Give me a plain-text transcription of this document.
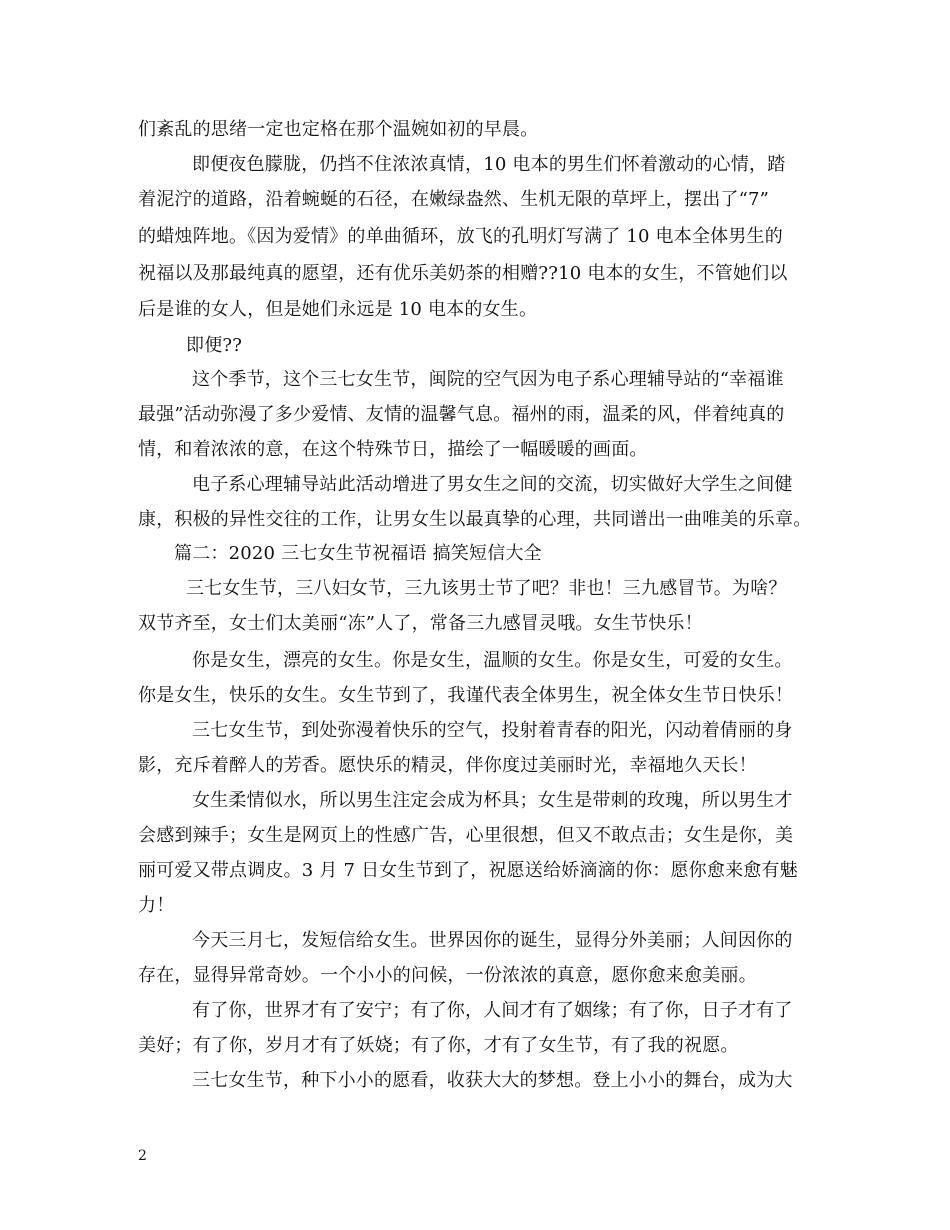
们紊乱的思绪一定也定格在那个温婉如初的早晨。
即便夜色朦胧，仍挡不住浓浓真情，10 电本的男生们怀着激动的心情，踏
着泥泞的道路，沿着蜿蜒的石径，在嫩绿盎然、生机无限的草坪上，摆出了“7”
的蜡烛阵地。《因为爱情》的单曲循环，放飞的孔明灯写满了 10 电本全体男生的
祝福以及那最纯真的愿望，还有优乐美奶茶的相赠??10 电本的女生，不管她们以
后是谁的女人，但是她们永远是 10 电本的女生。
即便??
这个季节，这个三七女生节，闽院的空气因为电子系心理辅导站的“幸福谁
最强”活动弥漫了多少爱情、友情的温馨气息。福州的雨，温柔的风，伴着纯真的
情，和着浓浓的意，在这个特殊节日，描绘了一幅暖暖的画面。
电子系心理辅导站此活动增进了男女生之间的交流，切实做好大学生之间健
康，积极的异性交往的工作，让男女生以最真挚的心理，共同谱出一曲唯美的乐章。
篇二：2020 三七女生节祝福语 搞笑短信大全
三七女生节，三八妇女节，三九该男士节了吧？非也！三九感冒节。为啥？
双节齐至，女士们太美丽“冻”人了，常备三九感冒灵哦。女生节快乐！
你是女生，漂亮的女生。你是女生，温顺的女生。你是女生，可爱的女生。
你是女生，快乐的女生。女生节到了，我谨代表全体男生，祝全体女生节日快乐！
三七女生节，到处弥漫着快乐的空气，投射着青春的阳光，闪动着倩丽的身
影，充斥着醉人的芳香。愿快乐的精灵，伴你度过美丽时光，幸福地久天长！
女生柔情似水，所以男生注定会成为杯具；女生是带刺的玫瑰，所以男生才
会感到辣手；女生是网页上的性感广告，心里很想，但又不敢点击；女生是你，美
丽可爱又带点调皮。3 月 7 日女生节到了，祝愿送给娇滴滴的你：愿你愈来愈有魅
力！
今天三月七，发短信给女生。世界因你的诞生，显得分外美丽；人间因你的
存在，显得异常奇妙。一个小小的问候，一份浓浓的真意，愿你愈来愈美丽。
有了你，世界才有了安宁；有了你，人间才有了姻缘；有了你，日子才有了
美好；有了你，岁月才有了妖娆；有了你，才有了女生节，有了我的祝愿。
三七女生节，种下小小的愿看，收获大大的梦想。登上小小的舞台，成为大
2
